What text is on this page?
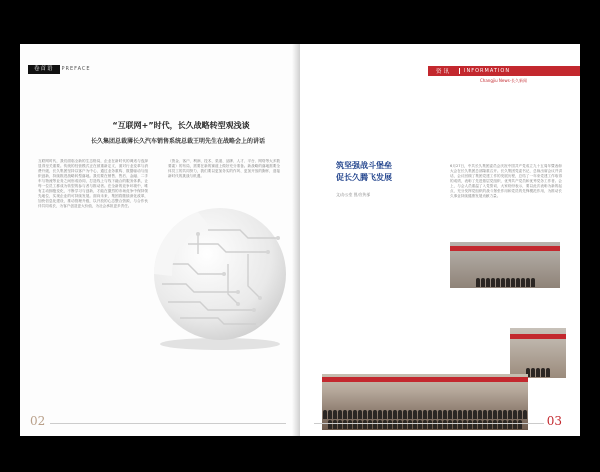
卷首语	PREFACE
“互联网+”时代，长久战略转型观浅谈
长久集团总裁薄长久汽车销售系统总裁王明先生在战略会上的讲话
互联网时代，我们面临全新的生态格局，企业在新时代的调适与选择显得至关重要。传统的经营模式正在被重新定义，面对行业变革与消费升级，长久集团坚持以客户为中心，通过业务重构、数据驱动与组织创新，持续推进战略转型落地。我们要在销售、售后、金融、二手车与物流等业务之间形成协同，打造线上与线下融合的服务体系，让每一位员工都成为转型的参与者与推动者。在全新的竞争环境中，唯有主动拥抱变化，不断学习与创新，才能在激烈的市场竞争中保持领先地位，实现企业的可持续发展。面向未来，集团将继续深化改革，加快信息化建设，推动管理升级，以开放的心态整合资源，与合作伙伴共同成长，为客户创造更大价值，为社会承担更多责任。
（资金、客户、利润、技术、渠道、品牌、人才、平台、网络等大多数要素）的布局，需要在新的赛道上做好充分准备。新战略的落地需要全体员工的共同努力，我们要以更加务实的作风、更加开放的胸怀，迎接新时代的挑战与机遇。
02
资讯	INFORMATION
Changjiu News·长久新闻
筑坚强战斗堡垒
促长久腾飞发展
文/办公室 图/宣传部
6月27日，中共长久集团委员会庆祝中国共产党成立九十五周年暨表彰大会在长久集团总部隆重召开。长久集团党委书记、总裁出席会议并讲话，会议回顾了集团党建工作的发展历程，总结了一年来党建工作取得的成绩，表彰了先进基层党组织、优秀共产党员和优秀党务工作者。会上，与会人员重温了入党誓词，大家纷纷表示，要以此次表彰为新的起点，充分发挥党组织的战斗堡垒作用和党员的先锋模范作用，为推动长久事业持续健康发展贡献力量。
03
